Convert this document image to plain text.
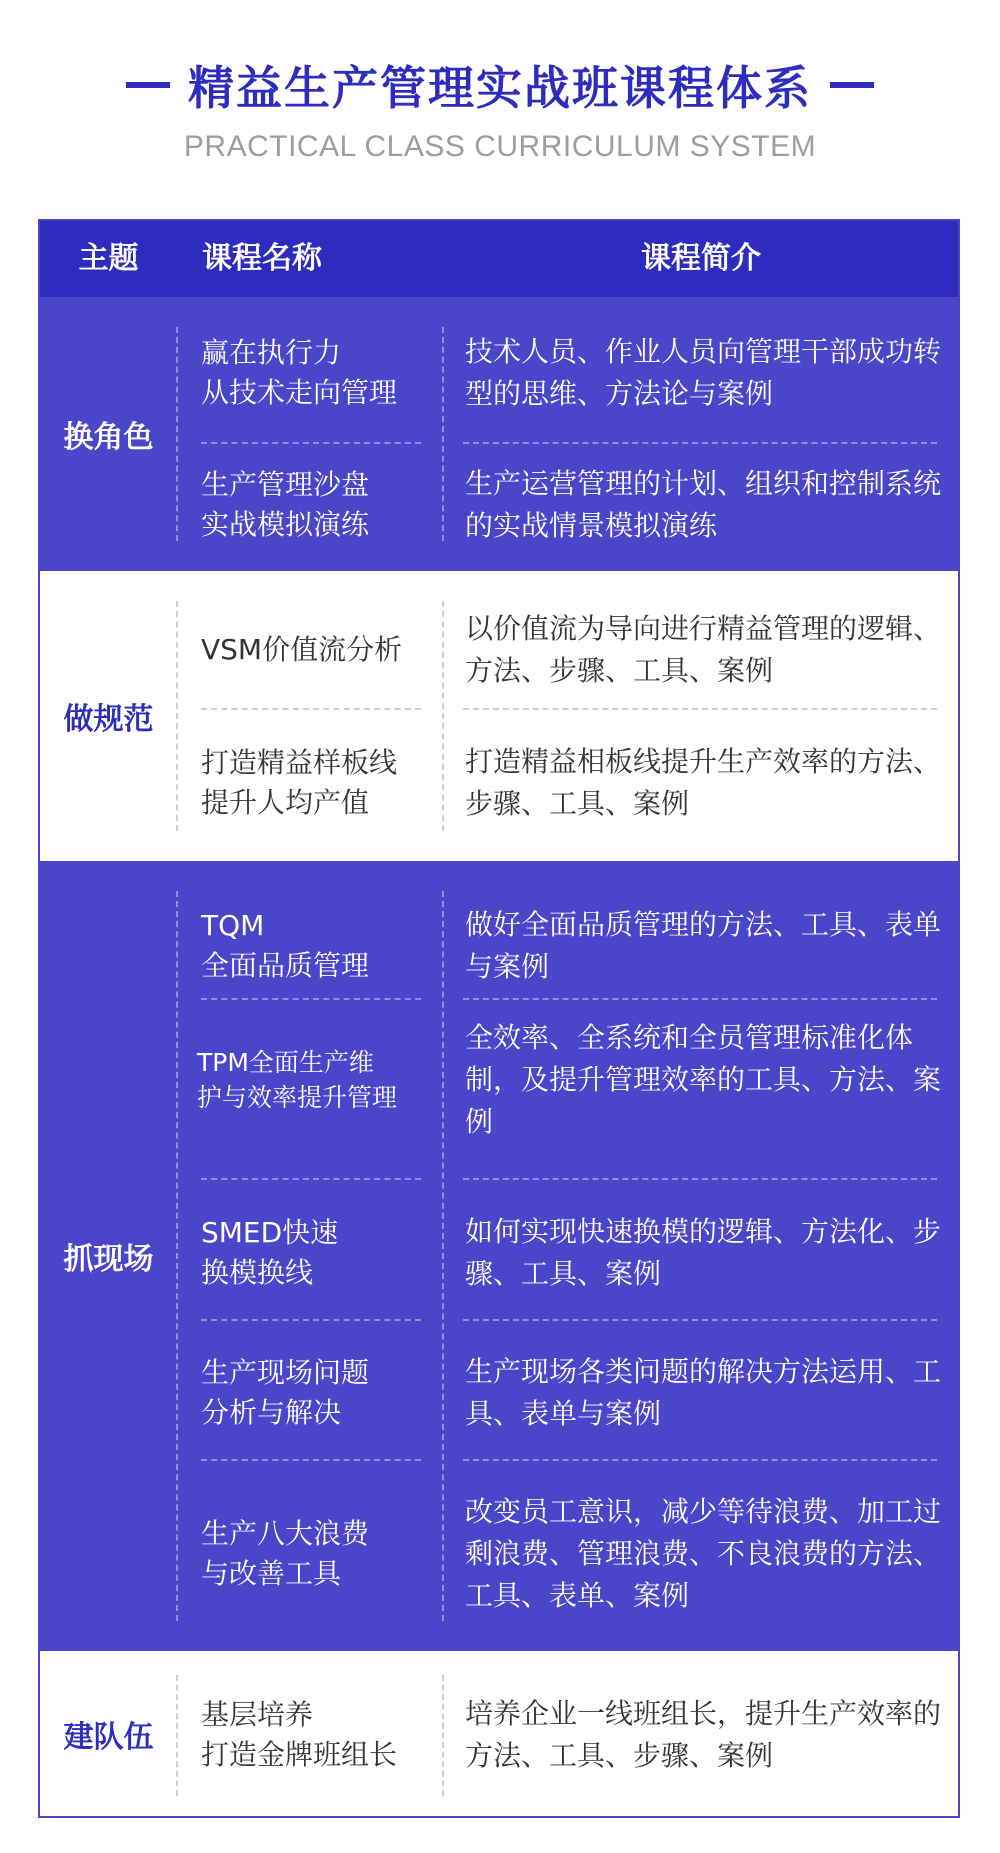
精益生产管理实战班课程体系
PRACTICAL CLASS CURRICULUM SYSTEM
主题	课程名称	课程简介
换角色
赢在执行力
从技术走向管理
技术人员、作业人员向管理干部成功转型的思维、方法论与案例
生产管理沙盘
实战模拟演练
生产运营管理的计划、组织和控制系统的实战情景模拟演练
做规范
VSM价值流分析
以价值流为导向进行精益管理的逻辑、方法、步骤、工具、案例
打造精益样板线
提升人均产值
打造精益相板线提升生产效率的方法、步骤、工具、案例
抓现场
TQM
全面品质管理
做好全面品质管理的方法、工具、表单与案例
TPM全面生产维
护与效率提升管理
全效率、全系统和全员管理标准化体制，及提升管理效率的工具、方法、案例
SMED快速
换模换线
如何实现快速换模的逻辑、方法化、步骤、工具、案例
生产现场问题
分析与解决
生产现场各类问题的解决方法运用、工具、表单与案例
生产八大浪费
与改善工具
改变员工意识，减少等待浪费、加工过剩浪费、管理浪费、不良浪费的方法、工具、表单、案例
建队伍
基层培养
打造金牌班组长
培养企业一线班组长，提升生产效率的方法、工具、步骤、案例
